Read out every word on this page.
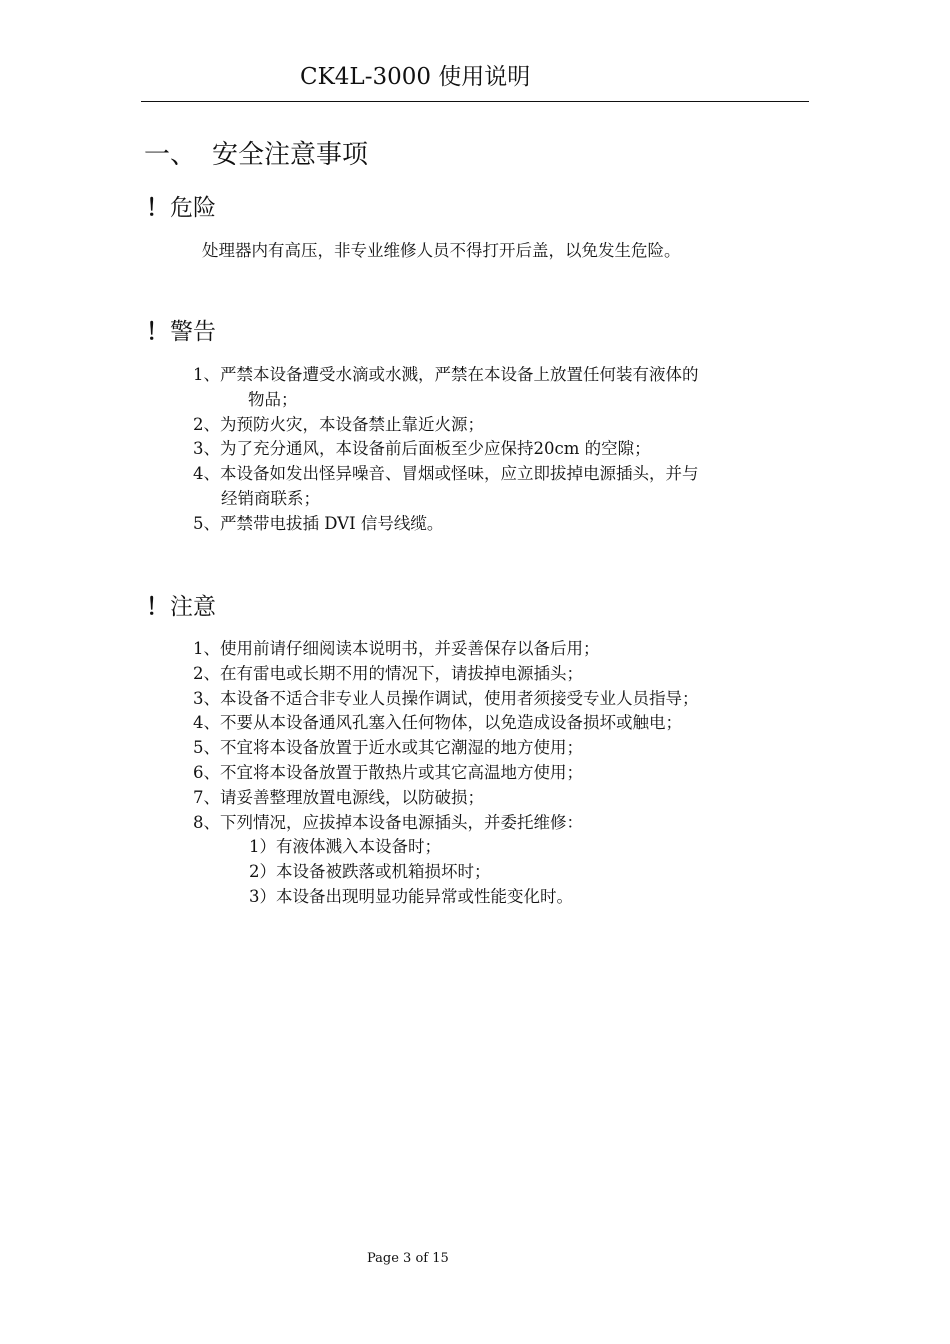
CK4L-3000 使用说明
一、 安全注意事项
！危险
处理器内有高压，非专业维修人员不得打开后盖，以免发生危险。
！警告
1、严禁本设备遭受水滴或水溅，严禁在本设备上放置任何装有液体的
物品；
2、为预防火灾，本设备禁止靠近火源；
3、为了充分通风，本设备前后面板至少应保持20cm 的空隙；
4、本设备如发出怪异噪音、冒烟或怪味，应立即拔掉电源插头，并与
经销商联系；
5、严禁带电拔插 DVI 信号线缆。
！注意
1、使用前请仔细阅读本说明书，并妥善保存以备后用；
2、在有雷电或长期不用的情况下，请拔掉电源插头；
3、本设备不适合非专业人员操作调试，使用者须接受专业人员指导；
4、不要从本设备通风孔塞入任何物体，以免造成设备损坏或触电；
5、不宜将本设备放置于近水或其它潮湿的地方使用；
6、不宜将本设备放置于散热片或其它高温地方使用；
7、请妥善整理放置电源线，以防破损；
8、下列情况，应拔掉本设备电源插头，并委托维修：
1）有液体溅入本设备时；
2）本设备被跌落或机箱损坏时；
3）本设备出现明显功能异常或性能变化时。
Page 3 of 15
